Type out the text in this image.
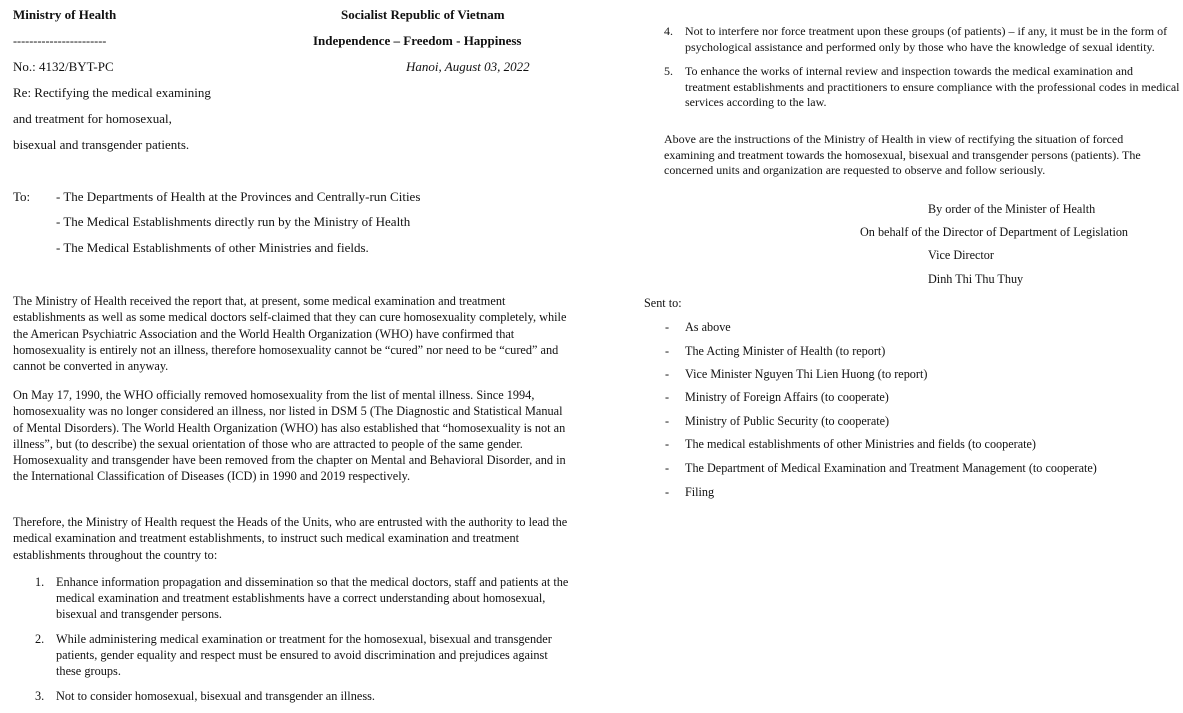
Ministry of Health
-----------------------
No.: 4132/BYT-PC
Re: Rectifying the medical examining
and treatment for homosexual,
bisexual and transgender patients.
Socialist Republic of Vietnam
Independence – Freedom - Happiness
Hanoi, August 03, 2022
To: - The Departments of Health at the Provinces and Centrally-run Cities
- The Medical Establishments directly run by the Ministry of Health
- The Medical Establishments of other Ministries and fields.
The Ministry of Health received the report that, at present, some medical examination and treatment establishments as well as some medical doctors self-claimed that they can cure homosexuality completely, while the American Psychiatric Association and the World Health Organization (WHO) have confirmed that homosexuality is entirely not an illness, therefore homosexuality cannot be “cured” nor need to be “cured” and cannot be converted in anyway.
On May 17, 1990, the WHO officially removed homosexuality from the list of mental illness. Since 1994, homosexuality was no longer considered an illness, nor listed in DSM 5 (The Diagnostic and Statistical Manual of Mental Disorders). The World Health Organization (WHO) has also established that “homosexuality is not an illness”, but (to describe) the sexual orientation of those who are attracted to people of the same gender. Homosexuality and transgender have been removed from the chapter on Mental and Behavioral Disorder, and in the International Classification of Diseases (ICD) in 1990 and 2019 respectively.
Therefore, the Ministry of Health request the Heads of the Units, who are entrusted with the authority to lead the medical examination and treatment establishments, to instruct such medical examination and treatment establishments throughout the country to:
1. Enhance information propagation and dissemination so that the medical doctors, staff and patients at the medical examination and treatment establishments have a correct understanding about homosexual, bisexual and transgender persons.
2. While administering medical examination or treatment for the homosexual, bisexual and transgender patients, gender equality and respect must be ensured to avoid discrimination and prejudices against these groups.
3. Not to consider homosexual, bisexual and transgender an illness.
4. Not to interfere nor force treatment upon these groups (of patients) – if any, it must be in the form of psychological assistance and performed only by those who have the knowledge of sexual identity.
5. To enhance the works of internal review and inspection towards the medical examination and treatment establishments and practitioners to ensure compliance with the professional codes in medical services according to the law.
Above are the instructions of the Ministry of Health in view of rectifying the situation of forced examining and treatment towards the homosexual, bisexual and transgender persons (patients). The concerned units and organization are requested to observe and follow seriously.
By order of the Minister of Health
On behalf of the Director of Department of Legislation
Vice Director
Dinh Thi Thu Thuy
Sent to:
- As above
- The Acting Minister of Health (to report)
- Vice Minister Nguyen Thi Lien Huong (to report)
- Ministry of Foreign Affairs (to cooperate)
- Ministry of Public Security (to cooperate)
- The medical establishments of other Ministries and fields (to cooperate)
- The Department of Medical Examination and Treatment Management (to cooperate)
- Filing
